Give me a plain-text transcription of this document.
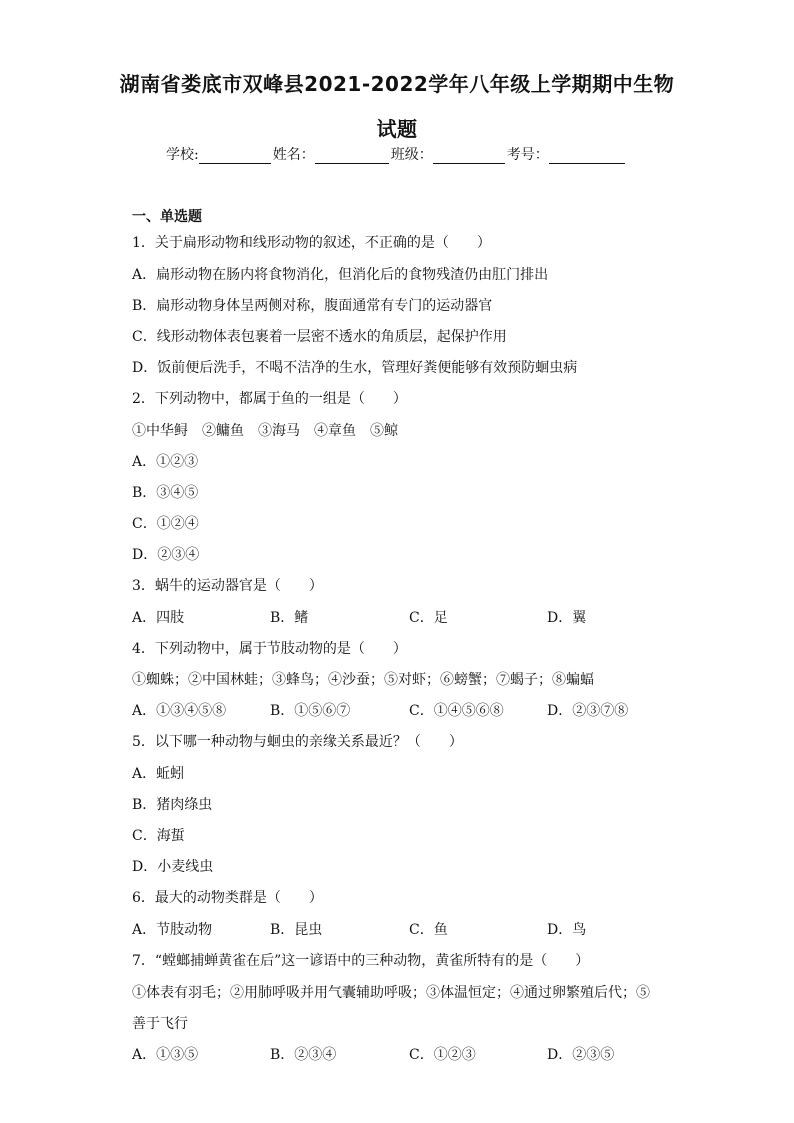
湖南省娄底市双峰县2021-2022学年八年级上学期期中生物
试题
学校:	姓名：	班级：	考号：
一、单选题
1．关于扁形动物和线形动物的叙述，不正确的是（　　）
A．扁形动物在肠内将食物消化，但消化后的食物残渣仍由肛门排出
B．扁形动物身体呈两侧对称，腹面通常有专门的运动器官
C．线形动物体表包裹着一层密不透水的角质层，起保护作用
D．饭前便后洗手，不喝不洁净的生水，管理好粪便能够有效预防蛔虫病
2．下列动物中，都属于鱼的一组是（　　）
①中华鲟　②鳙鱼　③海马　④章鱼　⑤鲸
A．①②③
B．③④⑤
C．①②④
D．②③④
3．蜗牛的运动器官是（　　）
A．四肢	B．鳍	C．足	D．翼
4．下列动物中，属于节肢动物的是（　　）
①蜘蛛；②中国林蛙；③蜂鸟；④沙蚕；⑤对虾；⑥螃蟹；⑦蝎子；⑧蝙蝠
A．①③④⑤⑧	B．①⑤⑥⑦	C．①④⑤⑥⑧	D．②③⑦⑧
5．以下哪一种动物与蛔虫的亲缘关系最近？（　　）
A．蚯蚓
B．猪肉绦虫
C．海蜇
D．小麦线虫
6．最大的动物类群是（　　）
A．节肢动物	B．昆虫	C．鱼	D．鸟
7．“螳螂捕蝉黄雀在后”这一谚语中的三种动物，黄雀所特有的是（　　）
①体表有羽毛；②用肺呼吸并用气囊辅助呼吸；③体温恒定；④通过卵繁殖后代；⑤
善于飞行
A．①③⑤	B．②③④	C．①②③	D．②③⑤
